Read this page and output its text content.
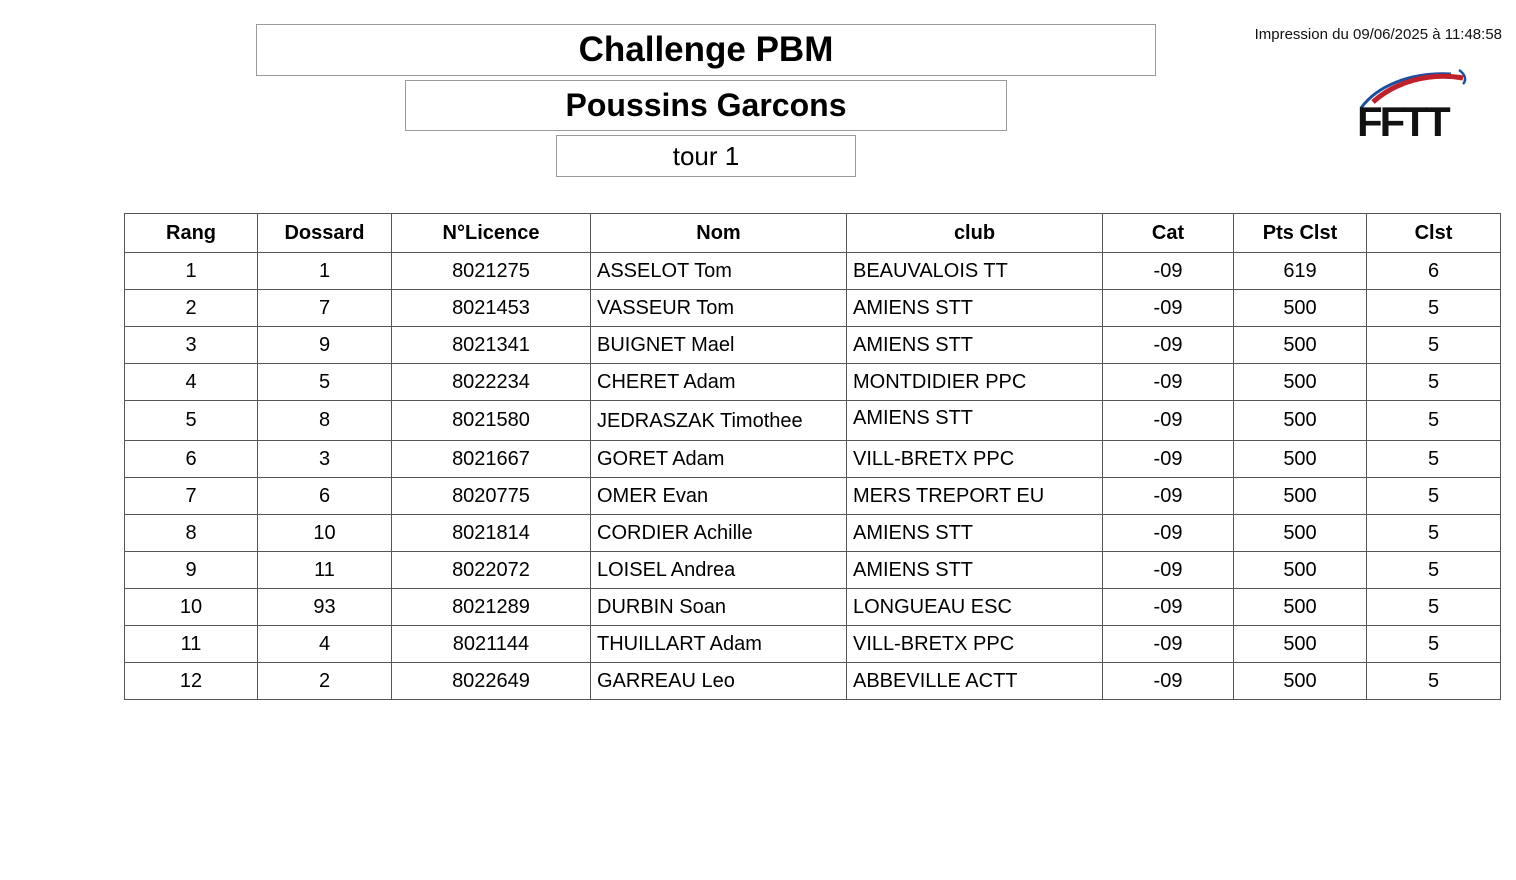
Impression du 09/06/2025 à 11:48:58
FFTT
Challenge PBM
Poussins Garcons
tour 1
Rang	Dossard	N°Licence	Nom	club	Cat	Pts Clst	Clst
1	1	8021275	ASSELOT Tom	BEAUVALOIS TT	-09	619	6
2	7	8021453	VASSEUR Tom	AMIENS STT	-09	500	5
3	9	8021341	BUIGNET Mael	AMIENS STT	-09	500	5
4	5	8022234	CHERET Adam	MONTDIDIER PPC	-09	500	5
5	8	8021580	JEDRASZAK Timothee	AMIENS STT	-09	500	5
6	3	8021667	GORET Adam	VILL-BRETX PPC	-09	500	5
7	6	8020775	OMER Evan	MERS TREPORT EU	-09	500	5
8	10	8021814	CORDIER Achille	AMIENS STT	-09	500	5
9	11	8022072	LOISEL Andrea	AMIENS STT	-09	500	5
10	93	8021289	DURBIN Soan	LONGUEAU ESC	-09	500	5
11	4	8021144	THUILLART Adam	VILL-BRETX PPC	-09	500	5
12	2	8022649	GARREAU Leo	ABBEVILLE ACTT	-09	500	5
